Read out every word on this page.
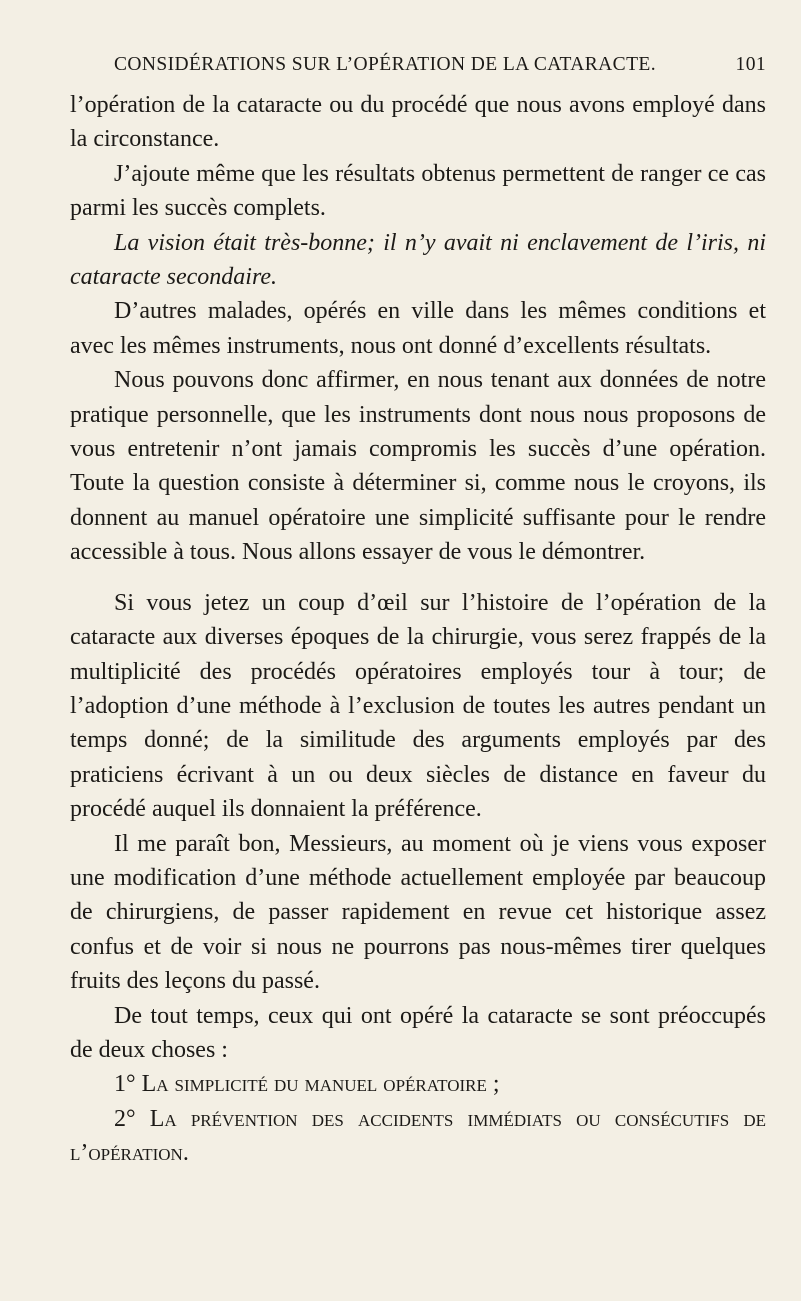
CONSIDÉRATIONS SUR L’OPÉRATION DE LA CATARACTE.	101

l’opération de la cataracte ou du procédé que nous avons employé dans la circonstance.

J’ajoute même que les résultats obtenus permettent de ranger ce cas parmi les succès complets.

La vision était très-bonne; il n’y avait ni enclavement de l’iris, ni cataracte secondaire.

D’autres malades, opérés en ville dans les mêmes conditions et avec les mêmes instruments, nous ont donné d’excellents résultats.

Nous pouvons donc affirmer, en nous tenant aux données de notre pratique personnelle, que les instruments dont nous nous proposons de vous entretenir n’ont jamais compromis les succès d’une opération. Toute la question consiste à déterminer si, comme nous le croyons, ils donnent au manuel opératoire une simplicité suffisante pour le rendre accessible à tous. Nous allons essayer de vous le démontrer.

Si vous jetez un coup d’œil sur l’histoire de l’opération de la cataracte aux diverses époques de la chirurgie, vous serez frappés de la multiplicité des procédés opératoires employés tour à tour; de l’adoption d’une méthode à l’exclusion de toutes les autres pendant un temps donné; de la similitude des arguments employés par des praticiens écrivant à un ou deux siècles de distance en faveur du procédé auquel ils donnaient la préférence.

Il me paraît bon, Messieurs, au moment où je viens vous exposer une modification d’une méthode actuellement employée par beaucoup de chirurgiens, de passer rapidement en revue cet historique assez confus et de voir si nous ne pourrons pas nous-mêmes tirer quelques fruits des leçons du passé.

De tout temps, ceux qui ont opéré la cataracte se sont préoccupés de deux choses :

1° La simplicité du manuel opératoire ;

2° La prévention des accidents immédiats ou consécutifs de l’opération.
